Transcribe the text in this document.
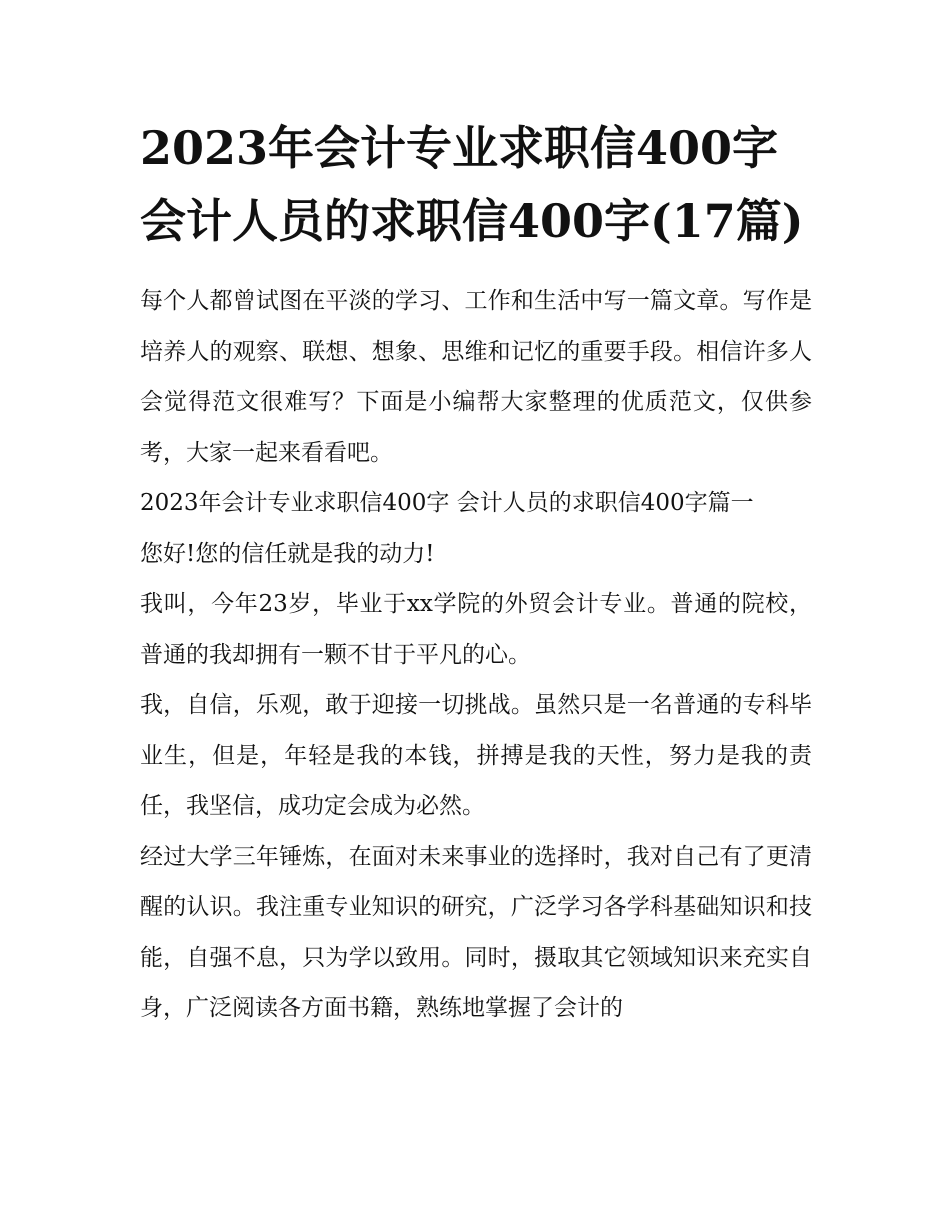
2023年会计专业求职信400字 会计人员的求职信400字(17篇)

每个人都曾试图在平淡的学习、工作和生活中写一篇文章。写作是培养人的观察、联想、想象、思维和记忆的重要手段。相信许多人会觉得范文很难写？下面是小编帮大家整理的优质范文，仅供参考，大家一起来看看吧。

2023年会计专业求职信400字 会计人员的求职信400字篇一

您好!您的信任就是我的动力!

我叫，今年23岁，毕业于xx学院的外贸会计专业。普通的院校，普通的我却拥有一颗不甘于平凡的心。

我，自信，乐观，敢于迎接一切挑战。虽然只是一名普通的专科毕业生，但是，年轻是我的本钱，拼搏是我的天性，努力是我的责任，我坚信，成功定会成为必然。

经过大学三年锤炼，在面对未来事业的选择时，我对自己有了更清醒的认识。我注重专业知识的研究，广泛学习各学科基础知识和技能，自强不息，只为学以致用。同时，摄取其它领域知识来充实自身，广泛阅读各方面书籍，熟练地掌握了会计的
